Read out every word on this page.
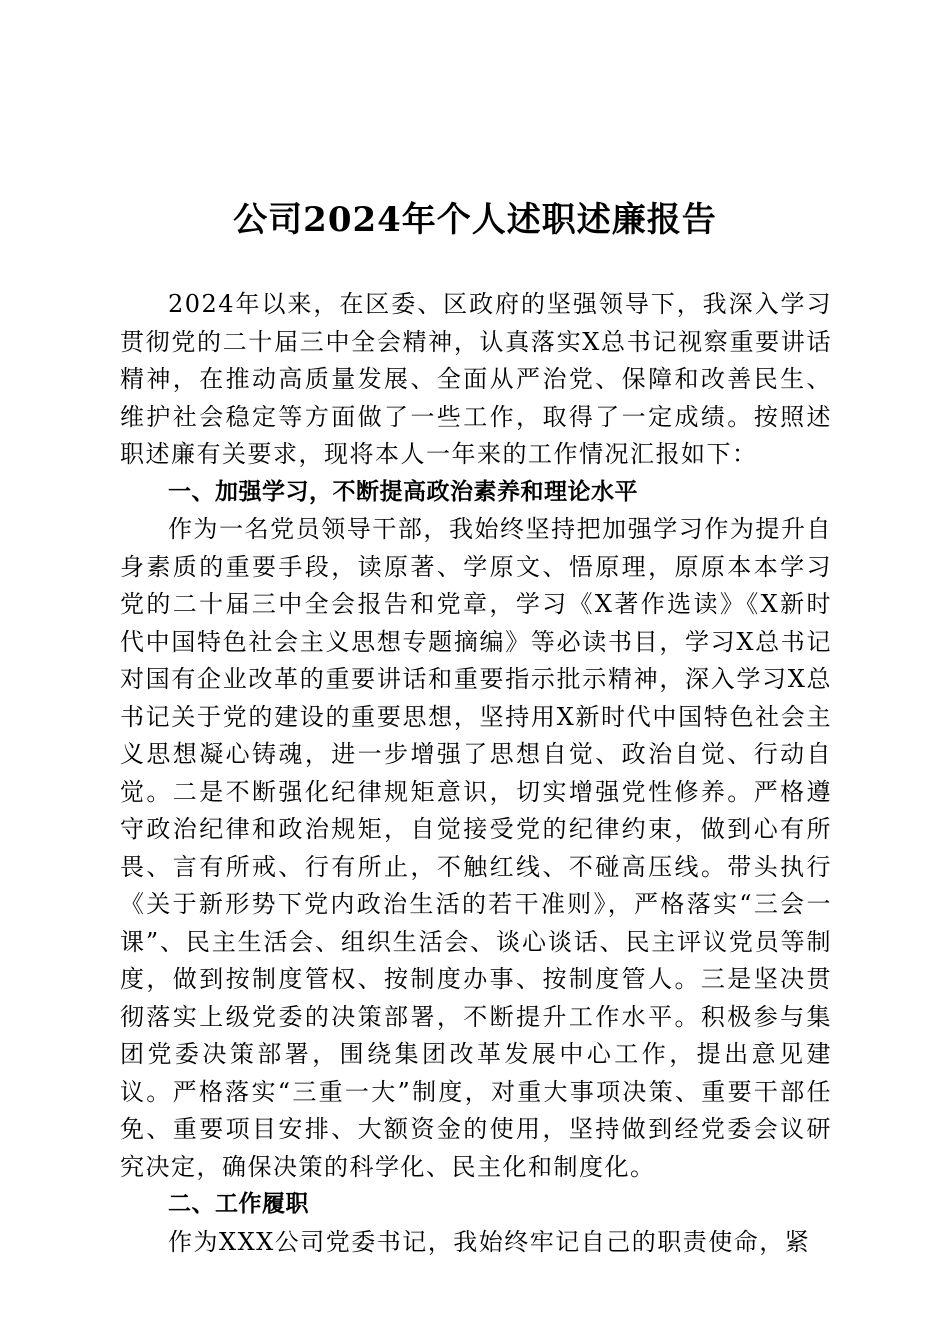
公司2024年个人述职述廉报告

2024年以来，在区委、区政府的坚强领导下，我深入学习贯彻党的二十届三中全会精神，认真落实X总书记视察重要讲话精神，在推动高质量发展、全面从严治党、保障和改善民生、维护社会稳定等方面做了一些工作，取得了一定成绩。按照述职述廉有关要求，现将本人一年来的工作情况汇报如下：

一、加强学习，不断提高政治素养和理论水平

作为一名党员领导干部，我始终坚持把加强学习作为提升自身素质的重要手段，读原著、学原文、悟原理，原原本本学习党的二十届三中全会报告和党章，学习《X著作选读》《X新时代中国特色社会主义思想专题摘编》等必读书目，学习X总书记对国有企业改革的重要讲话和重要指示批示精神，深入学习X总书记关于党的建设的重要思想，坚持用X新时代中国特色社会主义思想凝心铸魂，进一步增强了思想自觉、政治自觉、行动自觉。二是不断强化纪律规矩意识，切实增强党性修养。严格遵守政治纪律和政治规矩，自觉接受党的纪律约束，做到心有所畏、言有所戒、行有所止，不触红线、不碰高压线。带头执行《关于新形势下党内政治生活的若干准则》，严格落实“三会一课”、民主生活会、组织生活会、谈心谈话、民主评议党员等制度，做到按制度管权、按制度办事、按制度管人。三是坚决贯彻落实上级党委的决策部署，不断提升工作水平。积极参与集团党委决策部署，围绕集团改革发展中心工作，提出意见建议。严格落实“三重一大”制度，对重大事项决策、重要干部任免、重要项目安排、大额资金的使用，坚持做到经党委会议研究决定，确保决策的科学化、民主化和制度化。

二、工作履职

作为XXX公司党委书记，我始终牢记自己的职责使命，紧
